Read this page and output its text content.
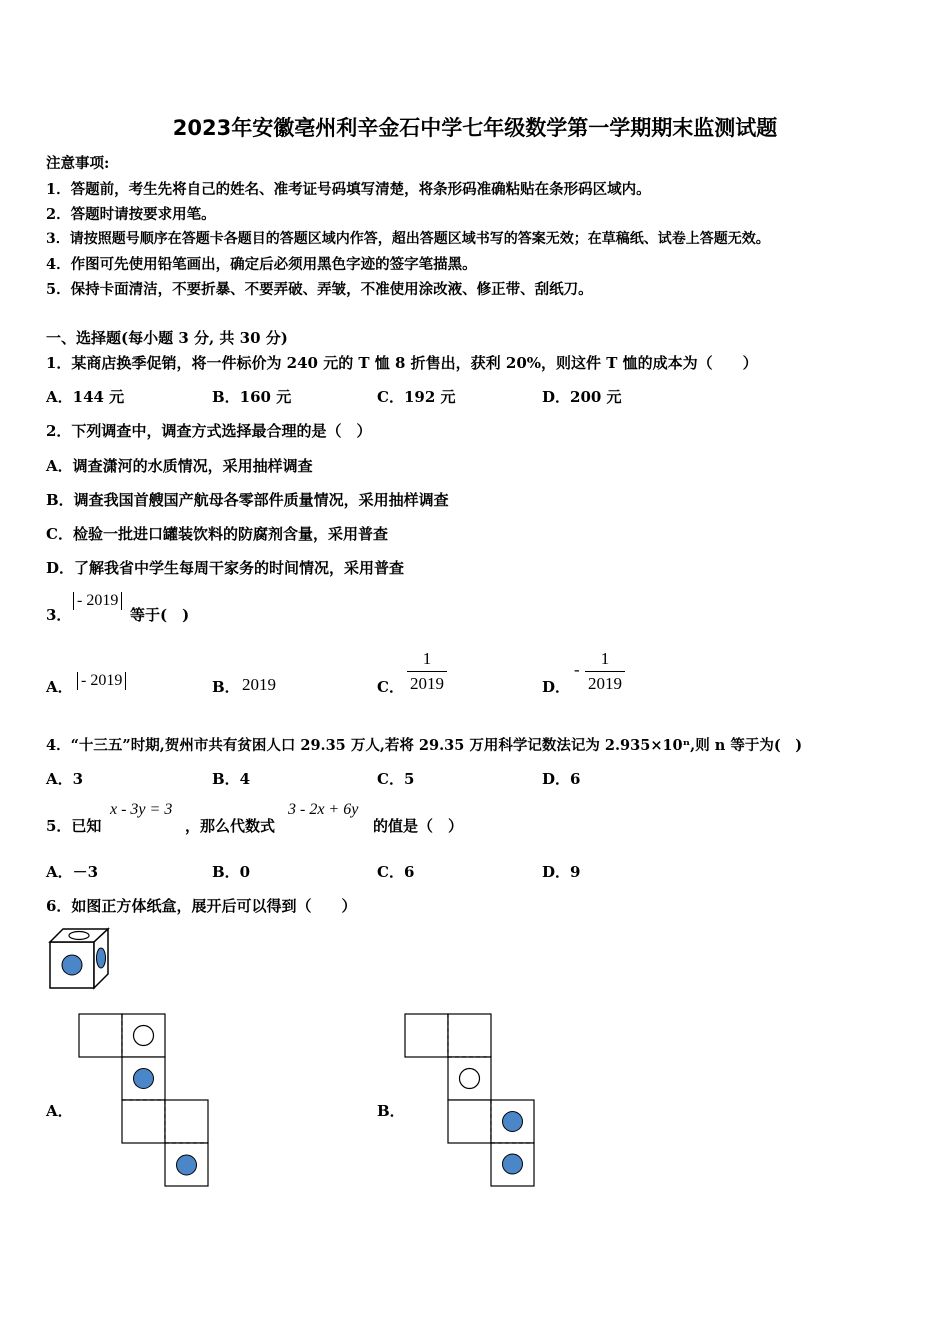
2023年安徽亳州利辛金石中学七年级数学第一学期期末监测试题
注意事项:
1．答题前，考生先将自己的姓名、准考证号码填写清楚，将条形码准确粘贴在条形码区域内。
2．答题时请按要求用笔。
3．请按照题号顺序在答题卡各题目的答题区域内作答，超出答题区域书写的答案无效；在草稿纸、试卷上答题无效。
4．作图可先使用铅笔画出，确定后必须用黑色字迹的签字笔描黑。
5．保持卡面清洁，不要折暴、不要弄破、弄皱，不准使用涂改液、修正带、刮纸刀。
一、选择题(每小题 3 分, 共 30 分)
1．某商店换季促销，将一件标价为 240 元的 T 恤 8 折售出，获利 20%，则这件 T 恤的成本为（　　）
A．144 元	B．160 元	C．192 元	D．200 元
2．下列调查中，调查方式选择最合理的是（　）
A．调查潇河的水质情况，采用抽样调查
B．调查我国首艘国产航母各零部件质量情况，采用抽样调查
C．检验一批进口罐装饮料的防腐剂含量，采用普查
D．了解我省中学生每周干家务的时间情况，采用普查
3．
- 2019
等于(　)
A． - 2019	B． 2019	C． $\frac{1}{2019}$	D．
- $\frac{1}{2019}$
4．“十三五”时期,贺州市共有贫困人口 29.35 万人,若将 29.35 万用科学记数法记为 2.935×10ⁿ,则 n 等于为(　)
A．3	B．4	C．5	D．6
5．已知
x - 3y = 3
，那么代数式
3 - 2x + 6y
的值是（　）
A．－3	B．0	C．6	D．9
6．如图正方体纸盒，展开后可以得到（　　）
A．	B．
